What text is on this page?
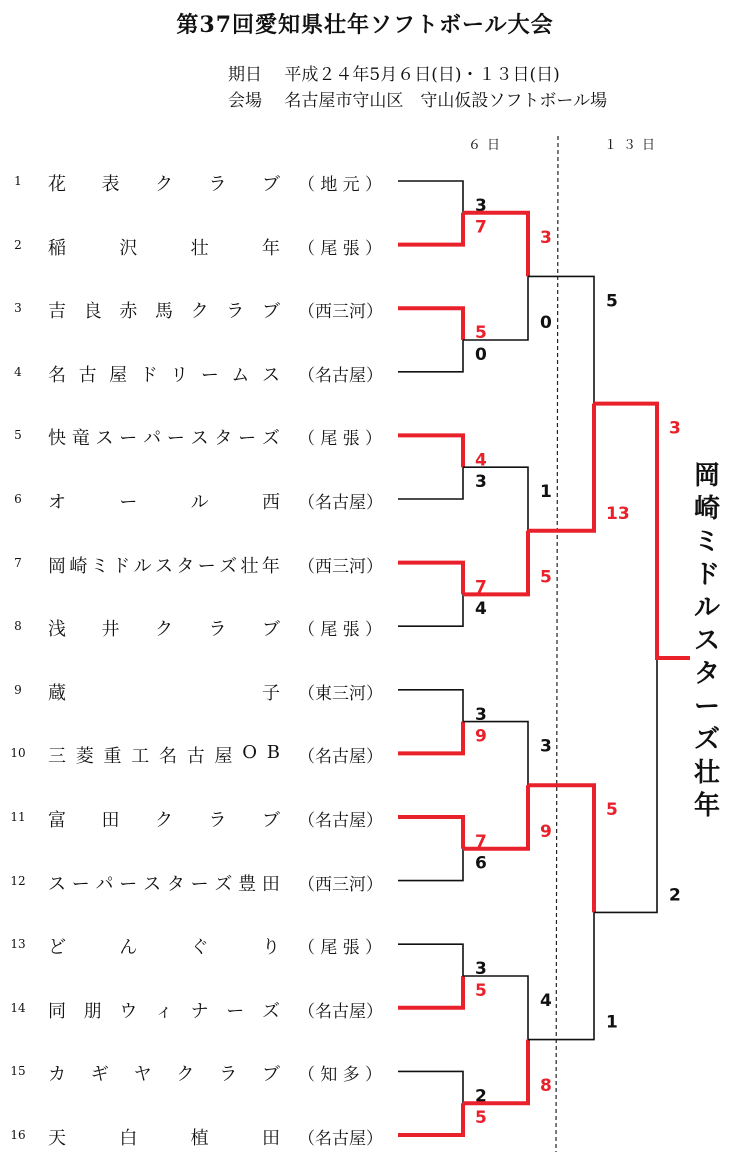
第37回愛知県壮年ソフトボール大会
期日　 平成２４年5月６日(日)・１３日(日)
会場　 名古屋市守山区　守山仮設ソフトボール場
６日	１３日
1	花 表 ク ラ ブ （ 地 元 ）
2	稲	沢	壮	年 （ 尾 張 ）
3	吉 良 赤 馬 ク ラ ブ （ 西 三 河 ）
4	名 古 屋 ド リ ー ム ス （ 名 古 屋 ）
5	快 竜 ス ー パ ー ス タ ー ズ （ 尾 張 ）
6	オ	ー	ル	西 （ 名 古 屋 ）
7	岡 崎 ミ ド ル ス タ ー ズ 壮 年 （ 西 三 河 ）
8	浅 井 ク ラ ブ （ 尾 張 ）
9	蔵	子 （ 東 三 河 ）
10	三 菱 重 工 名 古 屋 O B （ 名 古 屋 ）
11	富 田 ク ラ ブ （ 名 古 屋 ）
12	ス ー パ ー ス タ ー ズ 豊 田 （ 西 三 河 ）
13	ど	ん	ぐ	り （ 尾 張 ）
14	同 朋 ウ ィ ナ ー ズ （ 名 古 屋 ）
15	カ ギ ヤ ク ラ ブ （ 知 多 ）
16	天	白	植	田 （ 名 古 屋 ）
3
7
5
0
4
3
7
4
3
9
7
6
3
5
2
5
3
0
1
5
3
9
4
8
5
13
5
1
3
2
岡
崎
ミ
ド
ル
ス
タ
ー
ズ
壮
年
